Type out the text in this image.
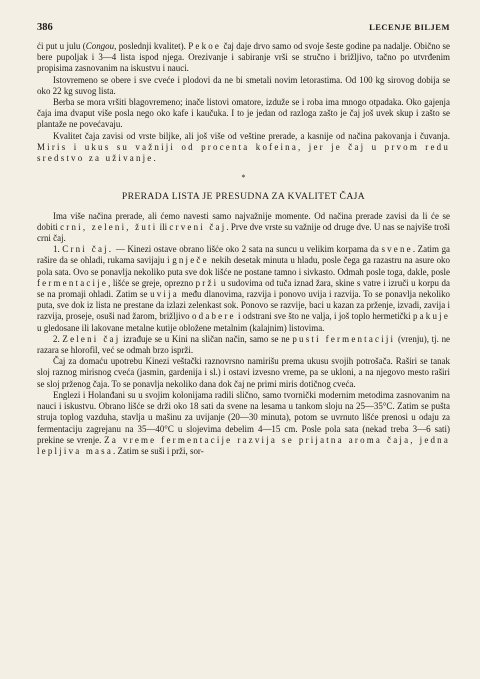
386	LECENJE BILJEM

ći put u julu (Congou, poslednji kvalitet). Pekoe čaj daje drvo samo od svoje šeste godine pa nadalje. Obično se bere pupoljak i 3—4 lista ispod njega. Orezivanje i sabiranje vrši se stručno i brižljivo, tačno po utvrđenim propisima zasnovanim na iskustvu i nauci.

Istovremeno se obere i sve cveće i plodovi da ne bi smetali novim letorastima. Od 100 kg sirovog dobija se oko 22 kg suvog lista.

Berba se mora vršiti blagovremeno; inače listovi omatore, izduže se i roba ima mnogo otpadaka. Oko gajenja čaja ima dvaput više posla nego oko kafe i kaučuka. I to je jedan od razloga zašto je čaj još uvek skup i zašto se plantaže ne povećavaju.

Kvalitet čaja zavisi od vrste biljke, ali još više od veštine prerade, a kasnije od načina pakovanja i čuvanja. Miris i ukus su važniji od procenta kofeina, jer je čaj u prvom redu sredstvo za uživanje.

*
PRERADA LISTA JE PRESUDNA ZA KVALITET ČAJA

Ima više načina prerade, ali ćemo navesti samo najvažnije momente. Od načina prerade zavisi da li će se dobiti crni, zeleni, žuti ili crveni čaj. Prve dve vrste su važnije od druge dve. U nas se najviše troši crni čaj.

1. Crni čaj. — Kinezi ostave obrano lišće oko 2 sata na suncu u velikim korpama da svene. Zatim ga rašire da se ohladi, rukama savijaju i gnječe nekih desetak minuta u hladu, posle čega ga razastru na asure oko pola sata. Ovo se ponavlja nekoliko puta sve dok lišće ne postane tamno i sivkasto. Odmah posle toga, dakle, posle fermentacije, lišće se greje, oprezno prži u sudovima od tuča iznad žara, skine s vatre i izruči u korpu da se na promaji ohladi. Zatim se uvija među dlanovima, razvija i ponovo uvija i razvija. To se ponavlja nekoliko puta, sve dok iz lista ne prestane da izlazi zelenkast sok. Ponovo se razvije, baci u kazan za prženje, izvadi, zavija i razvija, proseje, osuši nad žarom, brižljivo odabere i odstrani sve što ne valja, i još toplo hermetički pakuje u gledosane ili lakovane metalne kutije obložene metalnim (kalajnim) listovima.

2. Zeleni čaj izrađuje se u Kini na sličan način, samo se ne pusti fermentaciji (vrenju), tj. ne razara se hlorofil, već se odmah brzo isprži.

Čaj za domaću upotrebu Kinezi veštački raznovrsno namirišu prema ukusu svojih potrošača. Raširi se tanak sloj raznog mirisnog cveća (jasmin, gardenija i sl.) i ostavi izvesno vreme, pa se ukloni, a na njegovo mesto raširi se sloj prženog čaja. To se ponavlja nekoliko dana dok čaj ne primi miris dotičnog cveća.

Englezi i Holanđani su u svojim kolonijama radili slično, samo tvornički modernim metodima zasnovanim na nauci i iskustvu. Obrano lišće se drži oko 18 sati da svene na lesama u tankom sloju na 25—35°C. Zatim se pušta struja toplog vazduha, stavlja u mašinu za uvijanje (20—30 minuta), potom se uvrnuto lišće prenosi u odaju za fermentaciju zagrejanu na 35—40°C u slojevima debelim 4—15 cm. Posle pola sata (nekad treba 3—6 sati) prekine se vrenje. Za vreme fermentacije razvija se prijatna aroma čaja, jedna lepljiva masa. Zatim se suši i prži, sor-
